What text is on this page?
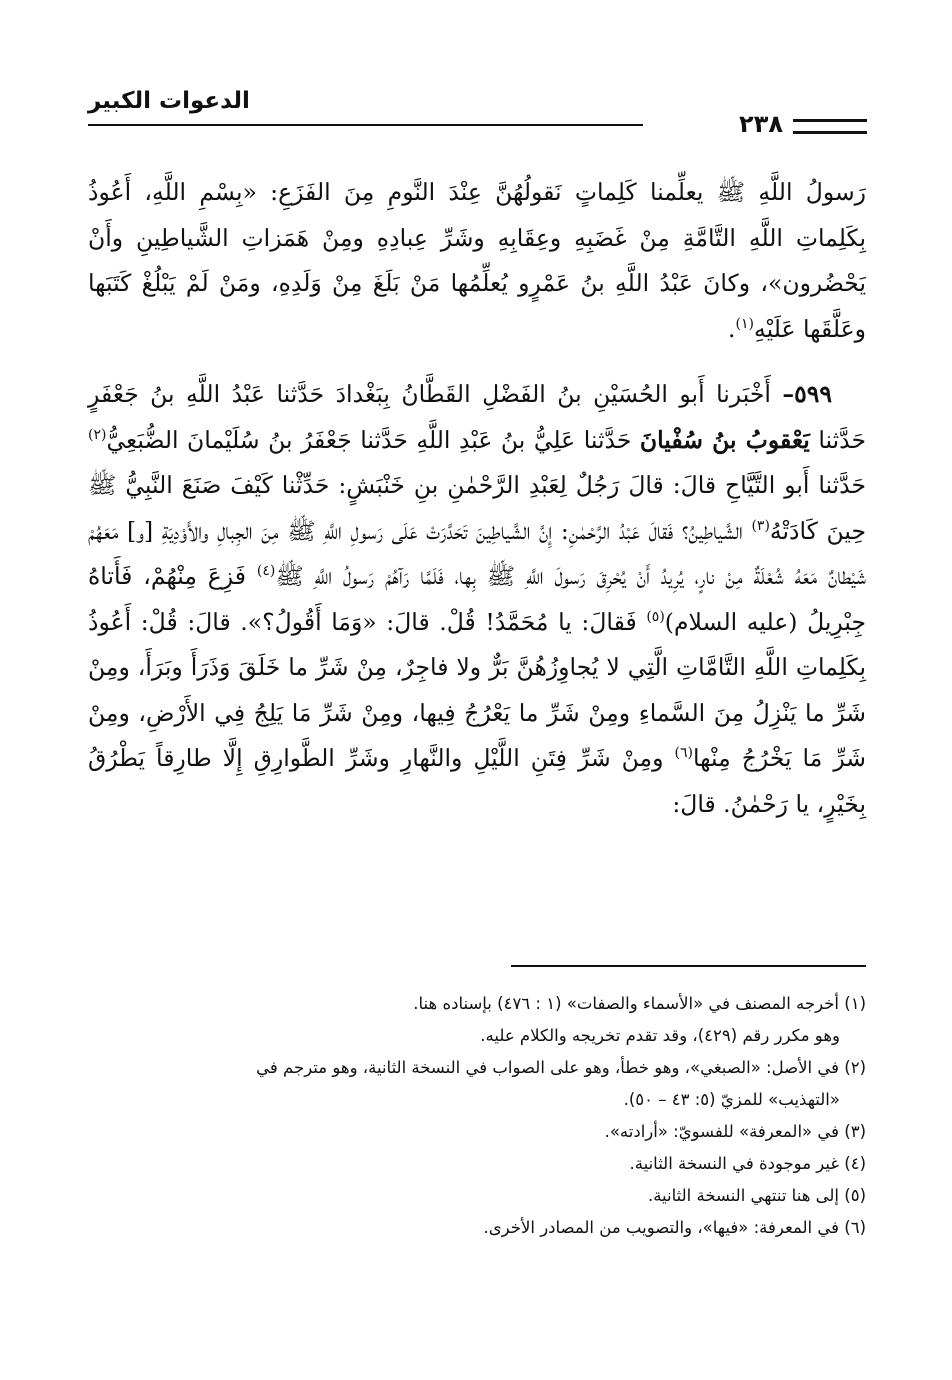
الدعوات الكبير
٢٣٨

رَسولُ اللَّهِ ﷺ يعلِّمنا كَلِماتٍ نَقولُهُنَّ عِنْدَ النَّومِ مِنَ الفَزَعِ: «بِسْمِ اللَّهِ، أَعُوذُ بِكَلِماتِ اللَّهِ التَّامَّةِ مِنْ غَضَبِهِ وعِقَابِهِ وشَرِّ عِبادِهِ ومِنْ هَمَزاتِ الشَّياطِينِ وأَنْ يَحْضُرون»، وكانَ عَبْدُ اللَّهِ بنُ عَمْرٍو يُعلِّمُها مَنْ بَلَغَ مِنْ وَلَدِهِ، ومَنْ لَمْ يَبْلُغْ كَتَبَها وعَلَّقَها عَلَيْهِ$^{(١)}$.

٥٩٩– أَخْبَرنا أَبو الحُسَيْنِ بنُ الفَضْلِ القَطَّانُ بِبَغْدادَ حَدَّثنا عَبْدُ اللَّهِ بنُ جَعْفَرٍ حَدَّثنا يَعْقوبُ بنُ سُفْيانَ حَدَّثنا عَلِيُّ بنُ عَبْدِ اللَّهِ حَدَّثنا جَعْفَرُ بنُ سُلَيْمانَ الضُّبَعِيُّ$^{(٢)}$ حَدَّثنا أَبو التَّيَّاحِ قالَ: قالَ رَجُلٌ لِعَبْدِ الرَّحْمٰنِ بنِ خَنْبَشٍ: حَدِّثْنا كَيْفَ صَنَعَ النَّبِيُّ ﷺ حِينَ كَادَتْهُ$^{(٣)}$ الشَّياطِينُ؟ فَقالَ عَبْدُ الرَّحْمٰنِ: إِنَّ الشَّياطِينَ تَحَدَّرَتْ عَلَى رَسولِ اللَّهِ ﷺ مِنَ الجِبالِ والأَوْدِيَةِ [و] مَعَهُمْ شَيْطانٌ مَعَهُ شُعْلَةٌ مِنْ نارٍ، يُرِيدُ أَنْ يُحْرِقَ رَسولَ اللَّهِ ﷺ بِها، فَلَمَّا رَآهُمْ رَسولُ اللَّهِ ﷺ$^{(٤)}$ فَزِعَ مِنْهُمْ، فَأَتاهُ جِبْرِيلُ (عليه السلام)$^{(٥)}$ فَقالَ: يا مُحَمَّدُ! قُلْ. قالَ: «وَمَا أَقُولُ؟». قالَ: قُلْ: أَعُوذُ بِكَلِماتِ اللَّهِ التَّامَّاتِ الَّتِي لا يُجاوِزُهُنَّ بَرٌّ ولا فاجِرٌ، مِنْ شَرِّ ما خَلَقَ وَذَرَأَ وبَرَأَ، ومِنْ شَرِّ ما يَنْزِلُ مِنَ السَّماءِ ومِنْ شَرِّ ما يَعْرُجُ فِيها، ومِنْ شَرِّ مَا يَلِجُ فِي الأَرْضِ، ومِنْ شَرِّ مَا يَخْرُجُ مِنْها$^{(٦)}$ ومِنْ شَرِّ فِتَنِ اللَّيْلِ والنَّهارِ وشَرِّ الطَّوارِقِ إِلَّا طارِقاً يَطْرُقُ بِخَيْرٍ، يا رَحْمٰنُ. قالَ:

(١) أخرجه المصنف في «الأسماء والصفات» (١ : ٤٧٦) بإسناده هنا.

وهو مكرر رقم (٤٢٩)، وقد تقدم تخريجه والكلام عليه.

(٢) في الأصل: «الصبغي»، وهو خطأ، وهو على الصواب في النسخة الثانية، وهو مترجم في

«التهذيب» للمزيّ (٥: ٤٣ – ٥٠).

(٣) في «المعرفة» للفسويّ: «أرادته».

(٤) غير موجودة في النسخة الثانية.

(٥) إلى هنا تنتهي النسخة الثانية.

(٦) في المعرفة: «فيها»، والتصويب من المصادر الأخرى.
